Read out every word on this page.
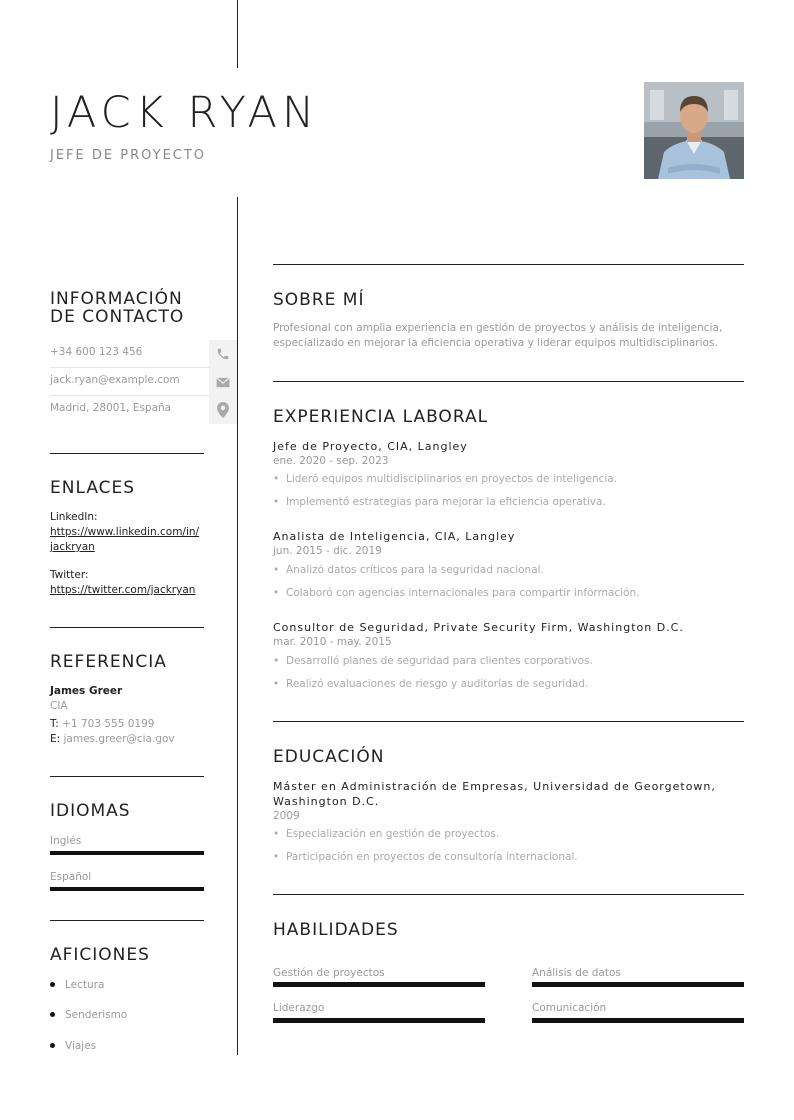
JACK RYAN
JEFE DE PROYECTO
INFORMACIÓN DE CONTACTO
+34 600 123 456
jack.ryan@example.com
Madrid, 28001, España
ENLACES
LinkedIn:
https://www.linkedin.com/in/jackryan
Twitter:
https://twitter.com/jackryan
REFERENCIA
James Greer
CIA
T: +1 703 555 0199
E: james.greer@cia.gov
IDIOMAS
Inglés
Español
AFICIONES
Lectura
Senderismo
Viajes
SOBRE MÍ
Profesional con amplia experiencia en gestión de proyectos y análisis de inteligencia, especializado en mejorar la eficiencia operativa y liderar equipos multidisciplinarios.
EXPERIENCIA LABORAL
Jefe de Proyecto, CIA, Langley
ene. 2020 - sep. 2023
• Lideró equipos multidisciplinarios en proyectos de inteligencia.
• Implementó estrategias para mejorar la eficiencia operativa.
Analista de Inteligencia, CIA, Langley
jun. 2015 - dic. 2019
• Analizó datos críticos para la seguridad nacional.
• Colaboró con agencias internacionales para compartir información.
Consultor de Seguridad, Private Security Firm, Washington D.C.
mar. 2010 - may. 2015
• Desarrolló planes de seguridad para clientes corporativos.
• Realizó evaluaciones de riesgo y auditorías de seguridad.
EDUCACIÓN
Máster en Administración de Empresas, Universidad de Georgetown, Washington D.C.
2009
• Especialización en gestión de proyectos.
• Participación en proyectos de consultoría internacional.
HABILIDADES
Gestión de proyectos	Análisis de datos
Liderazgo	Comunicación
